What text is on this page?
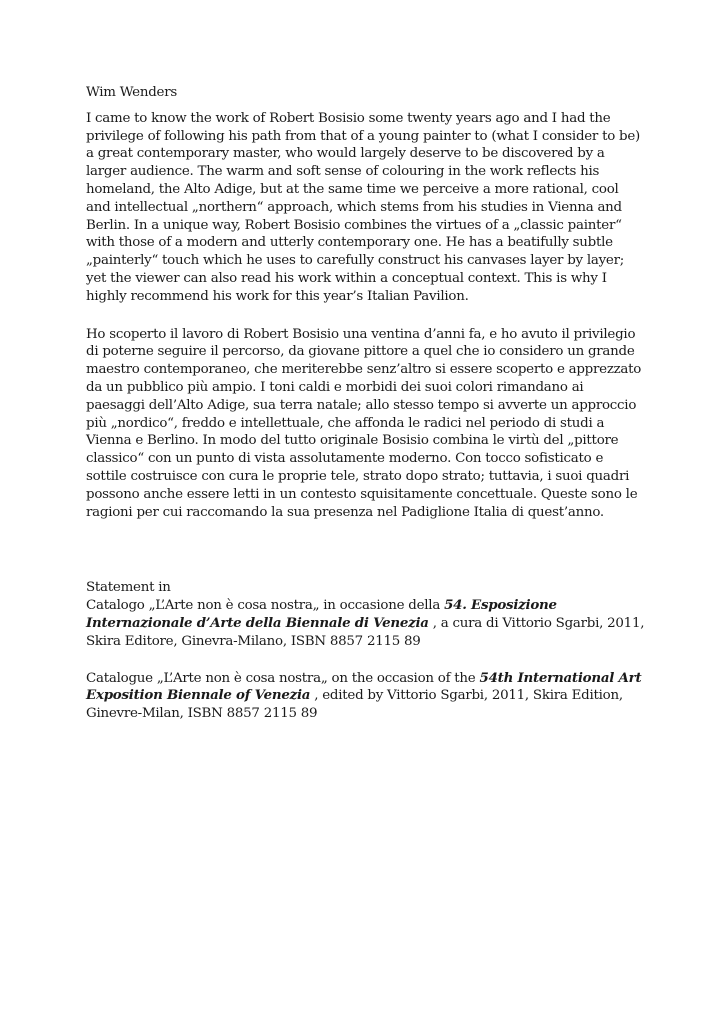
Wim Wenders

I came to know the work of Robert Bosisio some twenty years ago and I had the privilege of following his path from that of a young painter to (what I consider to be) a great contemporary master, who would largely deserve to be discovered by a larger audience. The warm and soft sense of colouring in the work reflects his homeland, the Alto Adige, but at the same time we perceive a more rational, cool and intellectual „northern“ approach, which stems from his studies in Vienna and Berlin. In a unique way, Robert Bosisio combines the virtues of a „classic painter“ with those of a modern and utterly contemporary one. He has a beatifully subtle „painterly“ touch which he uses to carefully construct his canvases layer by layer; yet the viewer can also read his work within a conceptual context. This is why I highly recommend his work for this year’s Italian Pavilion.

Ho scoperto il lavoro di Robert Bosisio una ventina d’anni fa, e ho avuto il privilegio di poterne seguire il percorso, da giovane pittore a quel che io considero un grande maestro contemporaneo, che meriterebbe senz’altro si essere scoperto e apprezzato da un pubblico più ampio. I toni caldi e morbidi dei suoi colori rimandano ai paesaggi dell’Alto Adige, sua terra natale; allo stesso tempo si avverte un approccio più „nordico“, freddo e intellettuale, che affonda le radici nel periodo di studi a Vienna e Berlino. In modo del tutto originale Bosisio combina le virtù del „pittore classico“ con un punto di vista assolutamente moderno. Con tocco sofisticato e sottile costruisce con cura le proprie tele, strato dopo strato; tuttavia, i suoi quadri possono anche essere letti in un contesto squisitamente concettuale. Queste sono le ragioni per cui raccomando la sua presenza nel Padiglione Italia di quest’anno.

Statement in

Catalogo „L’Arte non è cosa nostra„ in occasione della 54. Esposizione Internazionale d’Arte della Biennale di Venezia , a cura di Vittorio Sgarbi, 2011, Skira Editore, Ginevra-Milano, ISBN 8857 2115 89

Catalogue „L’Arte non è cosa nostra„ on the occasion of the 54th International Art Exposition Biennale of Venezia , edited by Vittorio Sgarbi, 2011, Skira Edition, Ginevre-Milan, ISBN 8857 2115 89
